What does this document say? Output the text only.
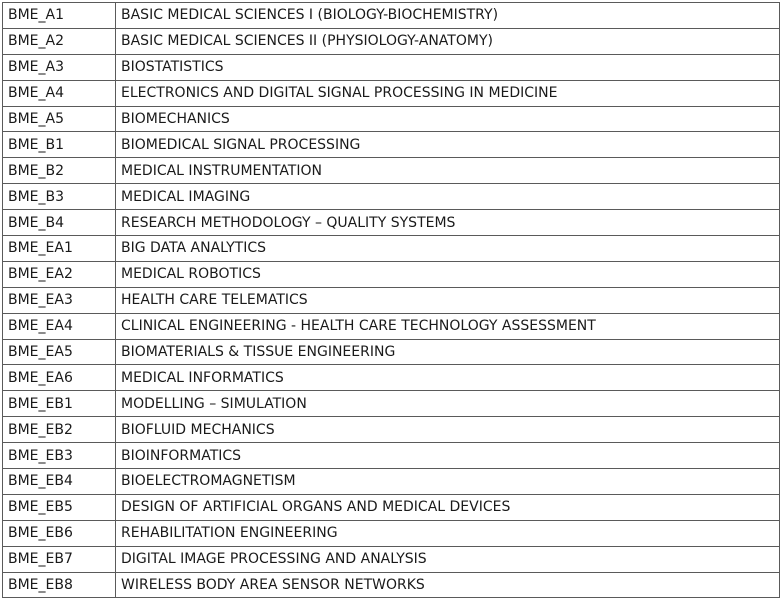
BME_A1	BASIC MEDICAL SCIENCES I (BIOLOGY-BIOCHEMISTRY)
BME_A2	BASIC MEDICAL SCIENCES II (PHYSIOLOGY-ANATOMY)
BME_A3	BIOSTATISTICS
BME_A4	ELECTRONICS AND DIGITAL SIGNAL PROCESSING IN MEDICINE
BME_A5	BIOMECHANICS
BME_B1	BIOMEDICAL SIGNAL PROCESSING
BME_B2	MEDICAL INSTRUMENTATION
BME_B3	MEDICAL IMAGING
BME_B4	RESEARCH METHODOLOGY – QUALITY SYSTEMS
BME_EA1	BIG DATA ANALYTICS
BME_EA2	MEDICAL ROBOTICS
BME_EA3	HEALTH CARE TELEMATICS
BME_EA4	CLINICAL ENGINEERING - HEALTH CARE TECHNOLOGY ASSESSMENT
BME_EA5	BIOMATERIALS & TISSUE ENGINEERING
BME_EA6	MEDICAL INFORMATICS
BME_EB1	MODELLING – SIMULATION
BME_EB2	BIOFLUID MECHANICS
BME_EB3	BIOINFORMATICS
BME_EB4	BIOELECTROMAGNETISM
BME_EB5	DESIGN OF ARTIFICIAL ORGANS AND MEDICAL DEVICES
BME_EB6	REHABILITATION ENGINEERING
BME_EB7	DIGITAL IMAGE PROCESSING AND ANALYSIS
BME_EB8	WIRELESS BODY AREA SENSOR NETWORKS
